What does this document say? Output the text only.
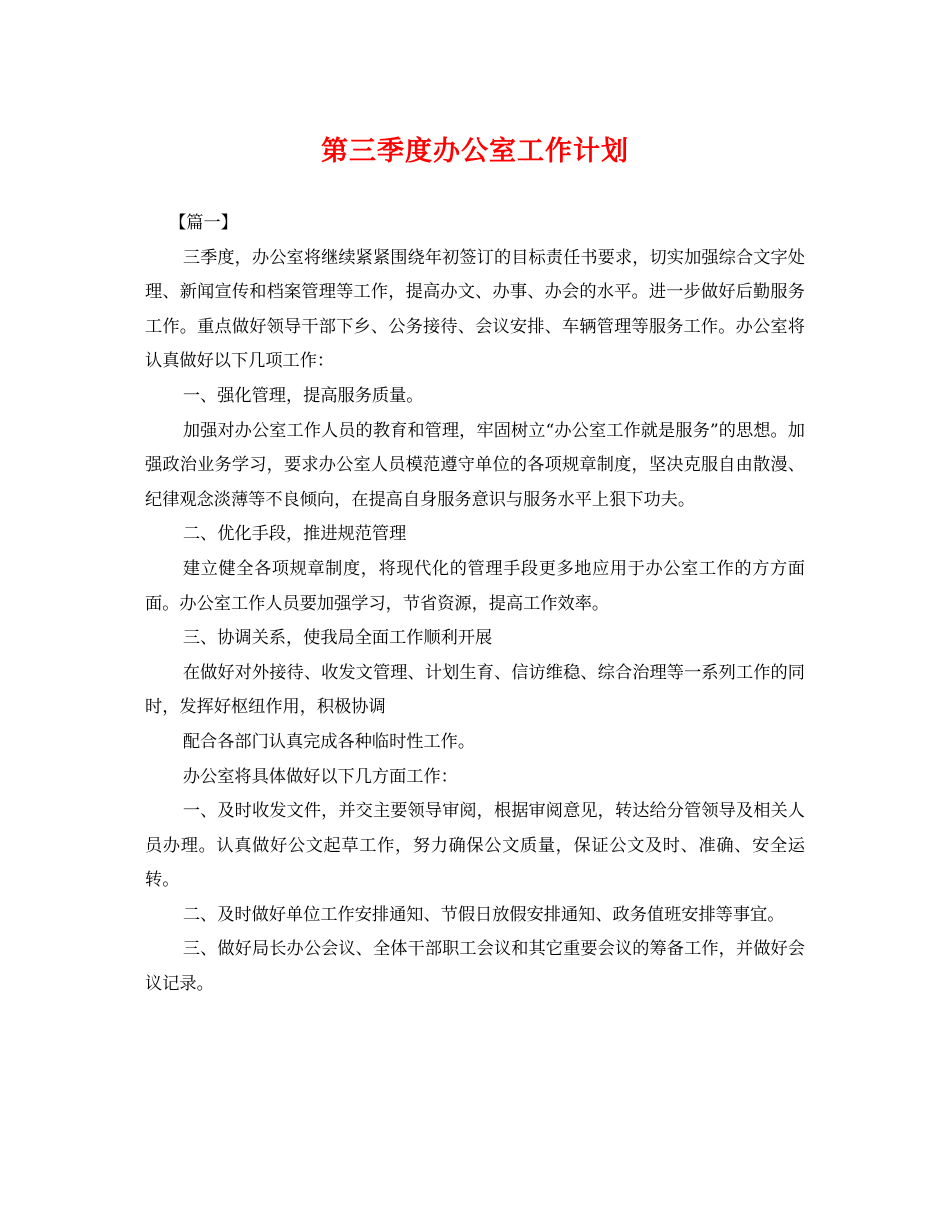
第三季度办公室工作计划

【篇一】

三季度，办公室将继续紧紧围绕年初签订的目标责任书要求，切实加强综合文字处理、新闻宣传和档案管理等工作，提高办文、办事、办会的水平。进一步做好后勤服务工作。重点做好领导干部下乡、公务接待、会议安排、车辆管理等服务工作。办公室将认真做好以下几项工作：

一、强化管理，提高服务质量。

加强对办公室工作人员的教育和管理，牢固树立“办公室工作就是服务”的思想。加强政治业务学习，要求办公室人员模范遵守单位的各项规章制度，坚决克服自由散漫、纪律观念淡薄等不良倾向，在提高自身服务意识与服务水平上狠下功夫。

二、优化手段，推进规范管理

建立健全各项规章制度，将现代化的管理手段更多地应用于办公室工作的方方面面。办公室工作人员要加强学习，节省资源，提高工作效率。

三、协调关系，使我局全面工作顺利开展

在做好对外接待、收发文管理、计划生育、信访维稳、综合治理等一系列工作的同时，发挥好枢纽作用，积极协调

配合各部门认真完成各种临时性工作。

办公室将具体做好以下几方面工作：

一、及时收发文件，并交主要领导审阅，根据审阅意见，转达给分管领导及相关人员办理。认真做好公文起草工作，努力确保公文质量，保证公文及时、准确、安全运转。

二、及时做好单位工作安排通知、节假日放假安排通知、政务值班安排等事宜。

三、做好局长办公会议、全体干部职工会议和其它重要会议的筹备工作，并做好会议记录。
